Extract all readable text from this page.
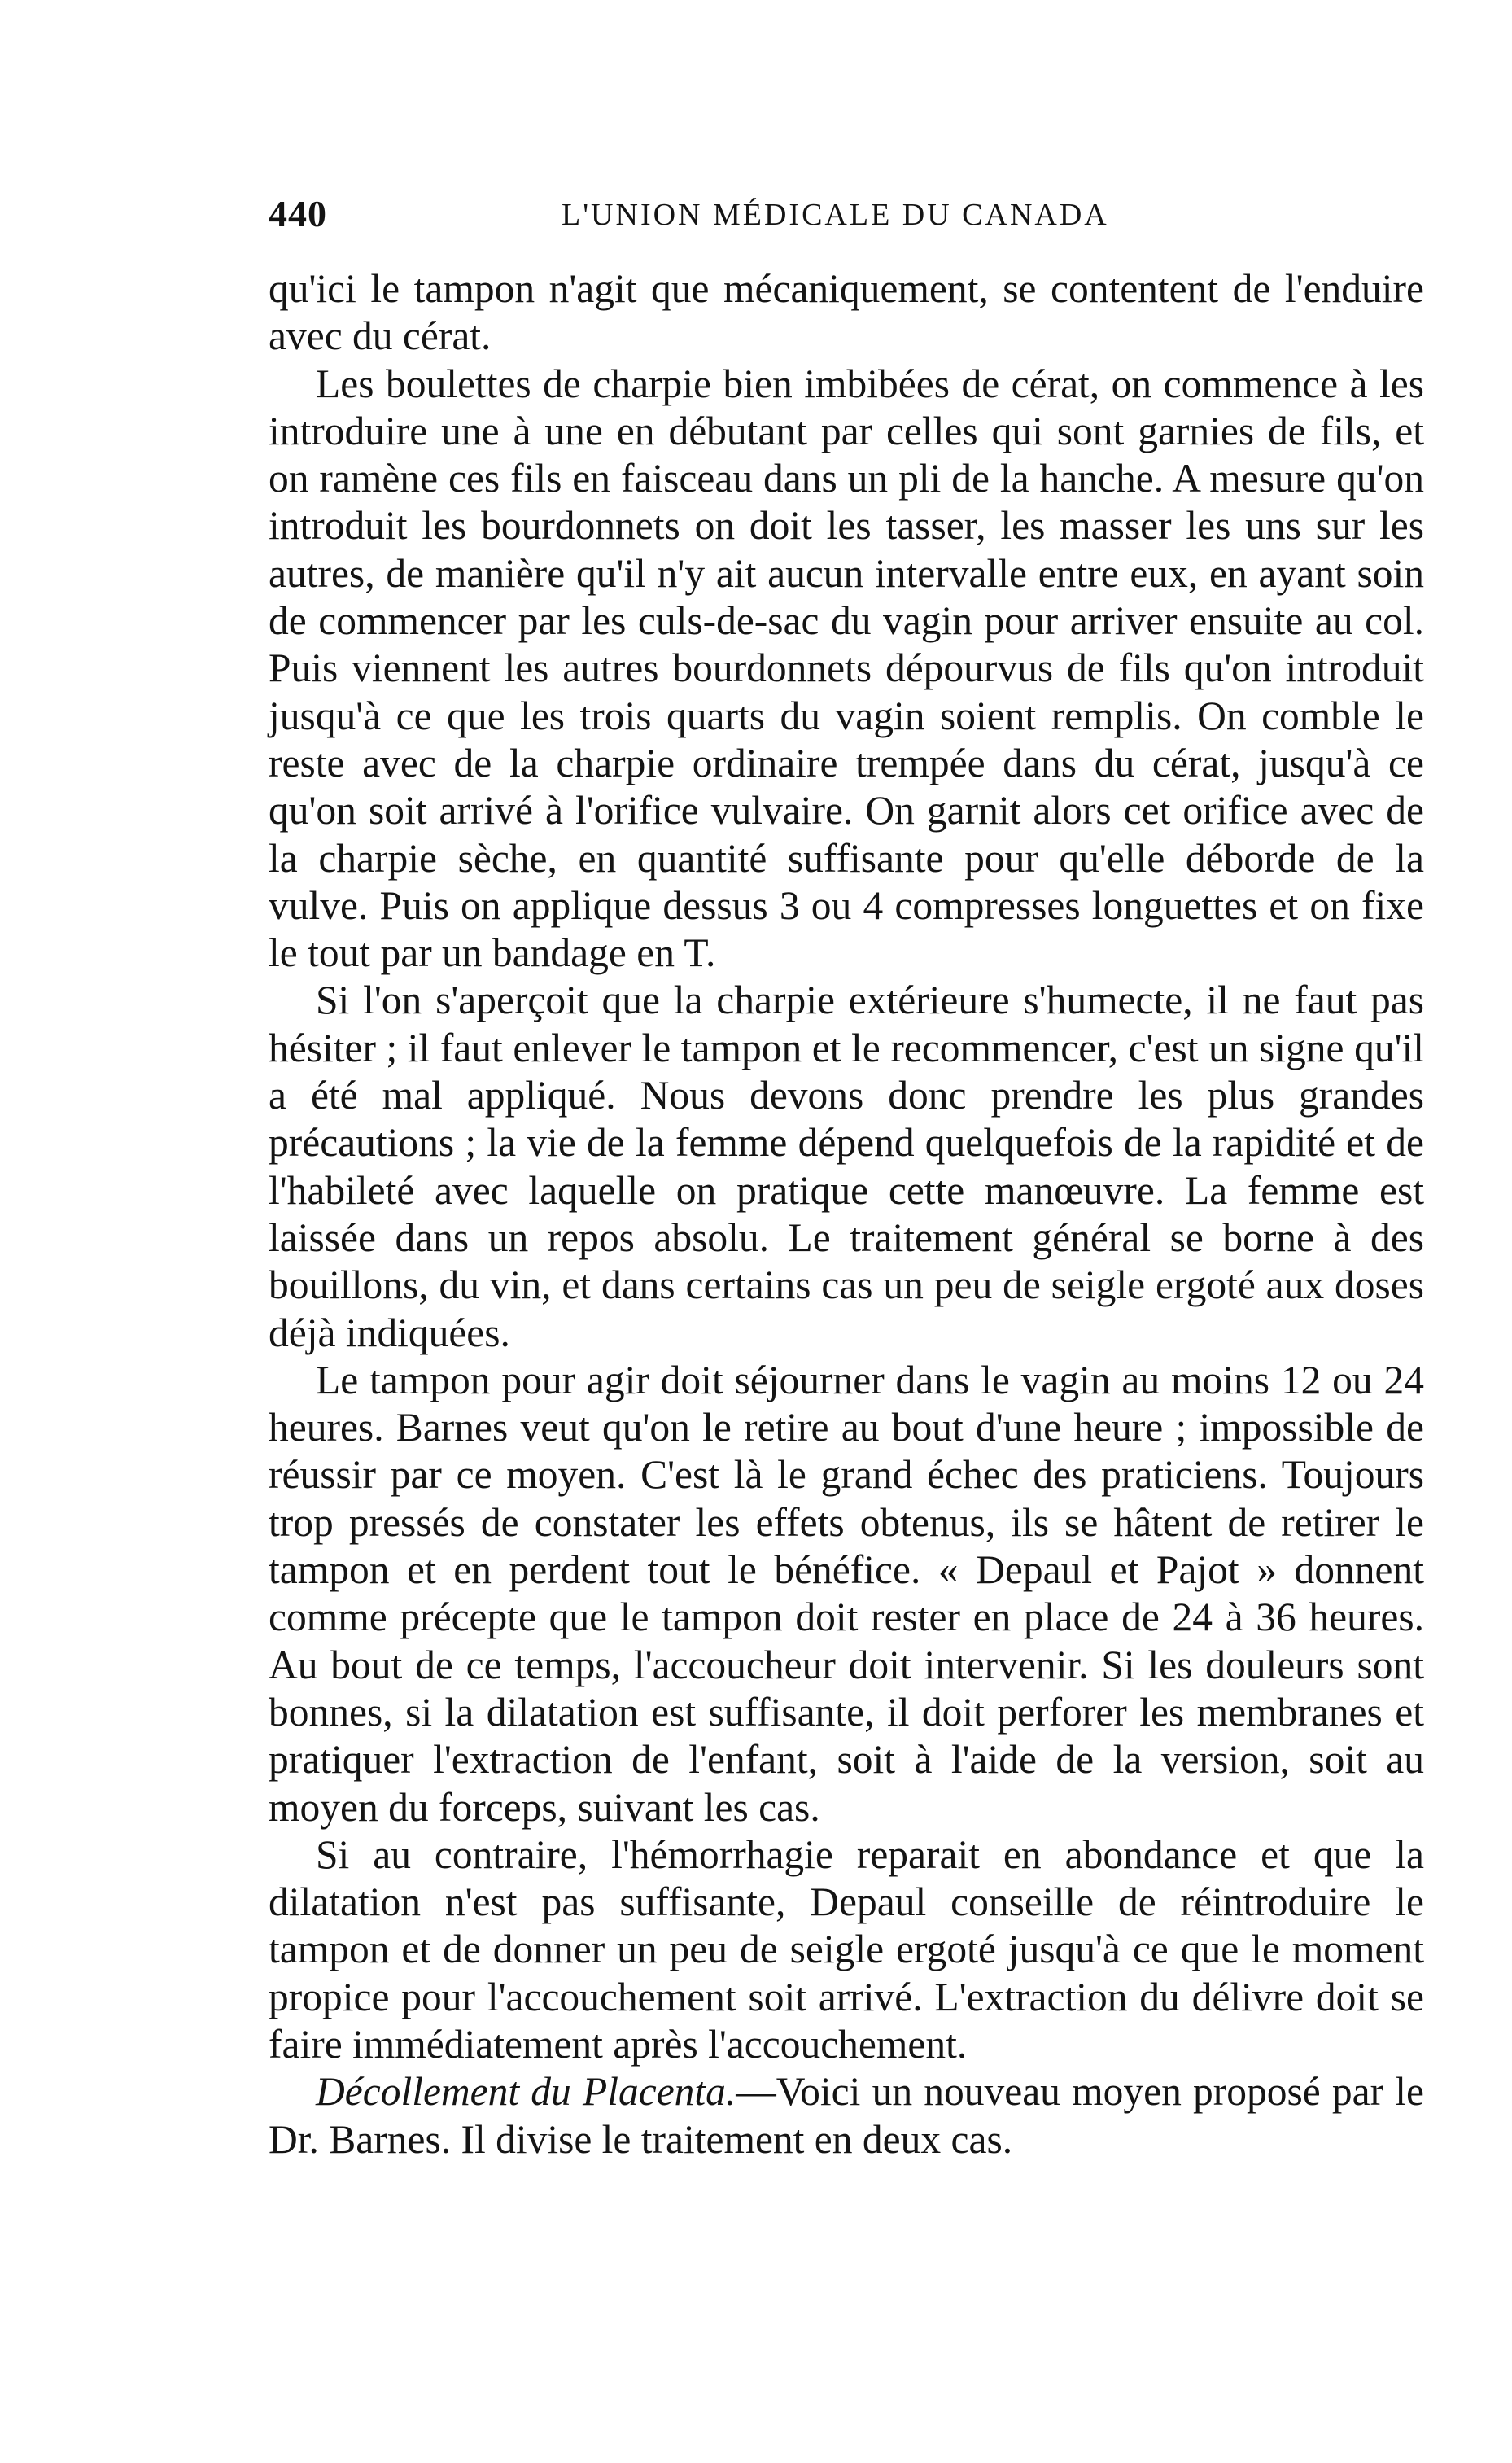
440	L'UNION MÉDICALE DU CANADA

qu'ici le tampon n'agit que mécaniquement, se contentent de l'enduire avec du cérat.

Les boulettes de charpie bien imbibées de cérat, on commence à les introduire une à une en débutant par celles qui sont garnies de fils, et on ramène ces fils en faisceau dans un pli de la hanche. A mesure qu'on introduit les bourdonnets on doit les tasser, les masser les uns sur les autres, de manière qu'il n'y ait aucun intervalle entre eux, en ayant soin de commencer par les culs-de-sac du vagin pour arriver ensuite au col. Puis viennent les autres bourdonnets dépourvus de fils qu'on introduit jusqu'à ce que les trois quarts du vagin soient remplis. On comble le reste avec de la charpie ordinaire trempée dans du cérat, jusqu'à ce qu'on soit arrivé à l'orifice vulvaire. On garnit alors cet orifice avec de la charpie sèche, en quantité suffisante pour qu'elle déborde de la vulve. Puis on applique dessus 3 ou 4 compresses longuettes et on fixe le tout par un bandage en T.

Si l'on s'aperçoit que la charpie extérieure s'humecte, il ne faut pas hésiter ; il faut enlever le tampon et le recommencer, c'est un signe qu'il a été mal appliqué. Nous devons donc prendre les plus grandes précautions ; la vie de la femme dépend quelquefois de la rapidité et de l'habileté avec laquelle on pratique cette manœuvre. La femme est laissée dans un repos absolu. Le traitement général se borne à des bouillons, du vin, et dans certains cas un peu de seigle ergoté aux doses déjà indiquées.

Le tampon pour agir doit séjourner dans le vagin au moins 12 ou 24 heures. Barnes veut qu'on le retire au bout d'une heure ; impossible de réussir par ce moyen. C'est là le grand échec des praticiens. Toujours trop pressés de constater les effets obtenus, ils se hâtent de retirer le tampon et en perdent tout le bénéfice. « Depaul et Pajot » donnent comme précepte que le tampon doit rester en place de 24 à 36 heures. Au bout de ce temps, l'accoucheur doit intervenir. Si les douleurs sont bonnes, si la dilatation est suffisante, il doit perforer les membranes et pratiquer l'extraction de l'enfant, soit à l'aide de la version, soit au moyen du forceps, suivant les cas.

Si au contraire, l'hémorrhagie reparait en abondance et que la dilatation n'est pas suffisante, Depaul conseille de réintroduire le tampon et de donner un peu de seigle ergoté jusqu'à ce que le moment propice pour l'accouchement soit arrivé. L'extraction du délivre doit se faire immédiatement après l'accouchement.

Décollement du Placenta.—Voici un nouveau moyen proposé par le Dr. Barnes. Il divise le traitement en deux cas.
